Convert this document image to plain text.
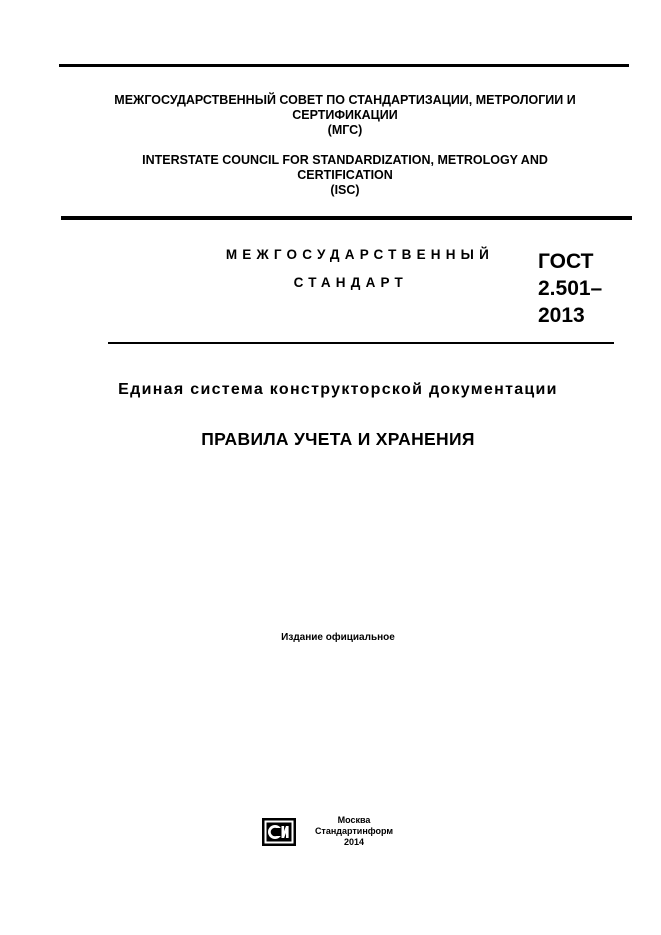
МЕЖГОСУДАРСТВЕННЫЙ СОВЕТ ПО СТАНДАРТИЗАЦИИ, МЕТРОЛОГИИ И
СЕРТИФИКАЦИИ
(МГС)
INTERSTATE COUNCIL FOR STANDARDIZATION, METROLOGY AND
CERTIFICATION
(ISC)
МЕЖГОСУДАРСТВЕННЫЙ
СТАНДАРТ
ГОСТ
2.501–
2013
Единая система конструкторской документации
ПРАВИЛА УЧЕТА И ХРАНЕНИЯ
Издание официальное
Москва
Стандартинформ
2014
